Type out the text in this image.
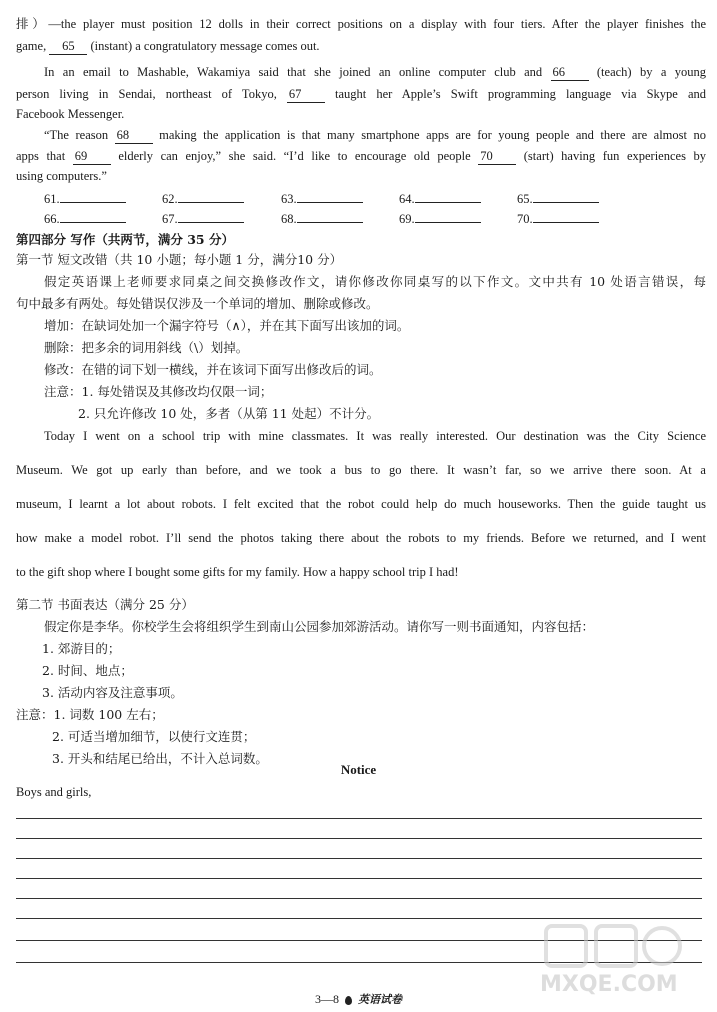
排）—the player must position 12 dolls in their correct positions on a display with four tiers. After the player finishes the
game, 65 (instant) a congratulatory message comes out.
In an email to Mashable, Wakamiya said that she joined an online computer club and 66 (teach) by a young
person living in Sendai, northeast of Tokyo, 67 taught her Apple’s Swift programming language via Skype and
Facebook Messenger.
“The reason 68 making the application is that many smartphone apps are for young people and there are almost no
apps that 69 elderly can enjoy,” she said. “I’d like to encourage old people 70 (start) having fun experiences by
using computers.”
61.	62.	63.	64.	65.
66.	67.	68.	69.	70.
第四部分 写作（共两节，满分 35 分）
第一节 短文改错（共 10 小题；每小题 1 分，满分10 分）
假定英语课上老师要求同桌之间交换修改作文，请你修改你同桌写的以下作文。文中共有 10 处语言错误，每
句中最多有两处。每处错误仅涉及一个单词的增加、删除或修改。
增加：在缺词处加一个漏字符号（∧），并在其下面写出该加的词。
删除：把多余的词用斜线（\）划掉。
修改：在错的词下划一横线，并在该词下面写出修改后的词。
注意：1. 每处错误及其修改均仅限一词；
2. 只允许修改 10 处，多者（从第 11 处起）不计分。
Today I went on a school trip with mine classmates. It was really interested. Our destination was the City Science
Museum. We got up early than before, and we took a bus to go there. It wasn’t far, so we arrive there soon. At a
museum, I learnt a lot about robots. I felt excited that the robot could help do much houseworks. Then the guide taught us
how make a model robot. I’ll send the photos taking there about the robots to my friends. Before we returned, and I went
to the gift shop where I bought some gifts for my family. How a happy school trip I had!
第二节 书面表达（满分 25 分）
假定你是李华。你校学生会将组织学生到南山公园参加郊游活动。请你写一则书面通知，内容包括：
1. 郊游目的；
2. 时间、地点；
3. 活动内容及注意事项。
注意：1. 词数 100 左右；
2. 可适当增加细节，以使行文连贯；
3. 开头和结尾已给出，不计入总词数。
Notice
Boys and girls,
MXQE.COM
3—8 英语试卷
